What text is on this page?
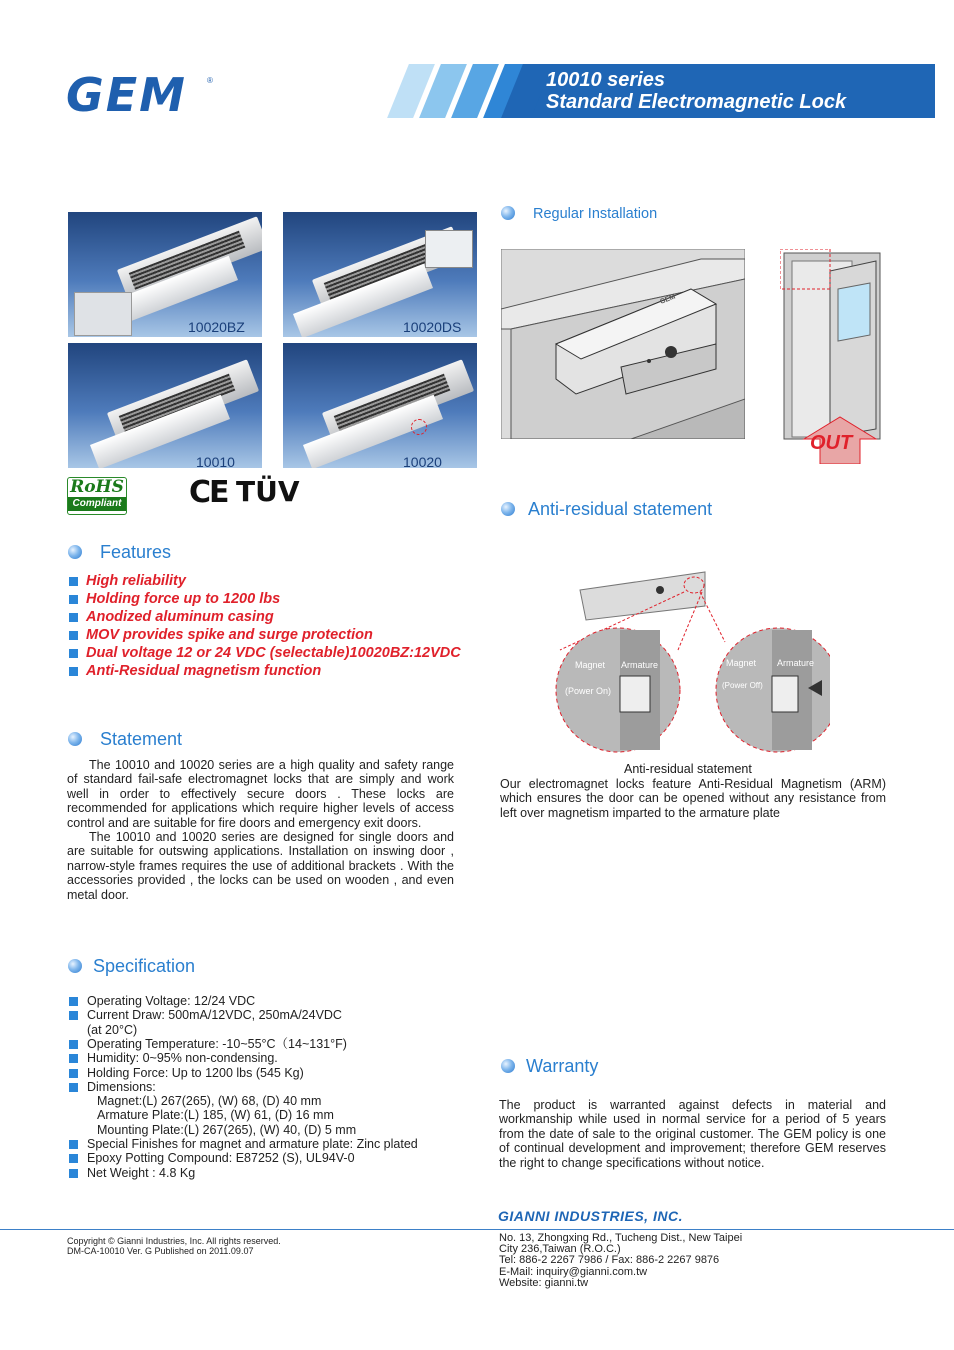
GEM	®	10010 series
Standard Electromagnetic Lock
10020BZ	10020DS
10010	10020
RoHS
Compliant CE TÜV
Features
High reliability
Holding force up to 1200 lbs
Anodized aluminum casing
MOV provides spike and surge protection
Dual voltage 12 or 24 VDC (selectable)10020BZ:12VDC
Anti-Residual magnetism function
Statement

The 10010 and 10020 series are a high quality and safety range of standard fail-safe electromagnet locks that are simply and work well in order to effectively secure doors . These locks are recommended for applications which require higher levels of access control and are suitable for fire doors and emergency exit doors.

The 10010 and 10020 series are designed for single doors and are suitable for outswing applications. Installation on inswing door , narrow-style frames requires the use of additional brackets . With the accessories provided , the locks can be used on wooden , and even metal door.

Specification
Operating Voltage: 12/24 VDC
Current Draw: 500mA/12VDC, 250mA/24VDC
(at 20°C)
Operating Temperature: -10~55°C（14~131°F)
Humidity: 0~95% non-condensing.
Holding Force: Up to 1200 lbs (545 Kg)
Dimensions:
Magnet:(L) 267(265), (W) 68, (D) 40 mm
Armature Plate:(L) 185, (W) 61, (D) 16 mm
Mounting Plate:(L) 267(265), (W) 40, (D) 5 mm
Special Finishes for magnet and armature plate: Zinc plated
Epoxy Potting Compound: E87252 (S), UL94V-0
Net Weight : 4.8 Kg
Regular Installation
GEM
OUT
Anti-residual statement
Magnet Armature
(Power On)
Magnet Armature
(Power Off)
Anti-residual statement
Our electromagnet locks feature Anti-Residual Magnetism (ARM) which ensures the door can be opened without any resistance from left over magnetism imparted to the armature plate
Warranty
The product is warranted against defects in material and workmanship while used in normal service for a period of 5 years from the date of sale to the original customer. The GEM policy is one of continual development and improvement; therefore GEM reserves the right to change specifications without notice.
GIANNI INDUSTRIES, INC.
No. 13, Zhongxing Rd., Tucheng Dist., New Taipei
City 236,Taiwan (R.O.C.)
Tel: 886-2 2267 7986 / Fax: 886-2 2267 9876
E-Mail: inquiry@gianni.com.tw
Website: gianni.tw
Copyright © Gianni Industries, Inc. All rights reserved.
DM-CA-10010 Ver. G Published on 2011.09.07
